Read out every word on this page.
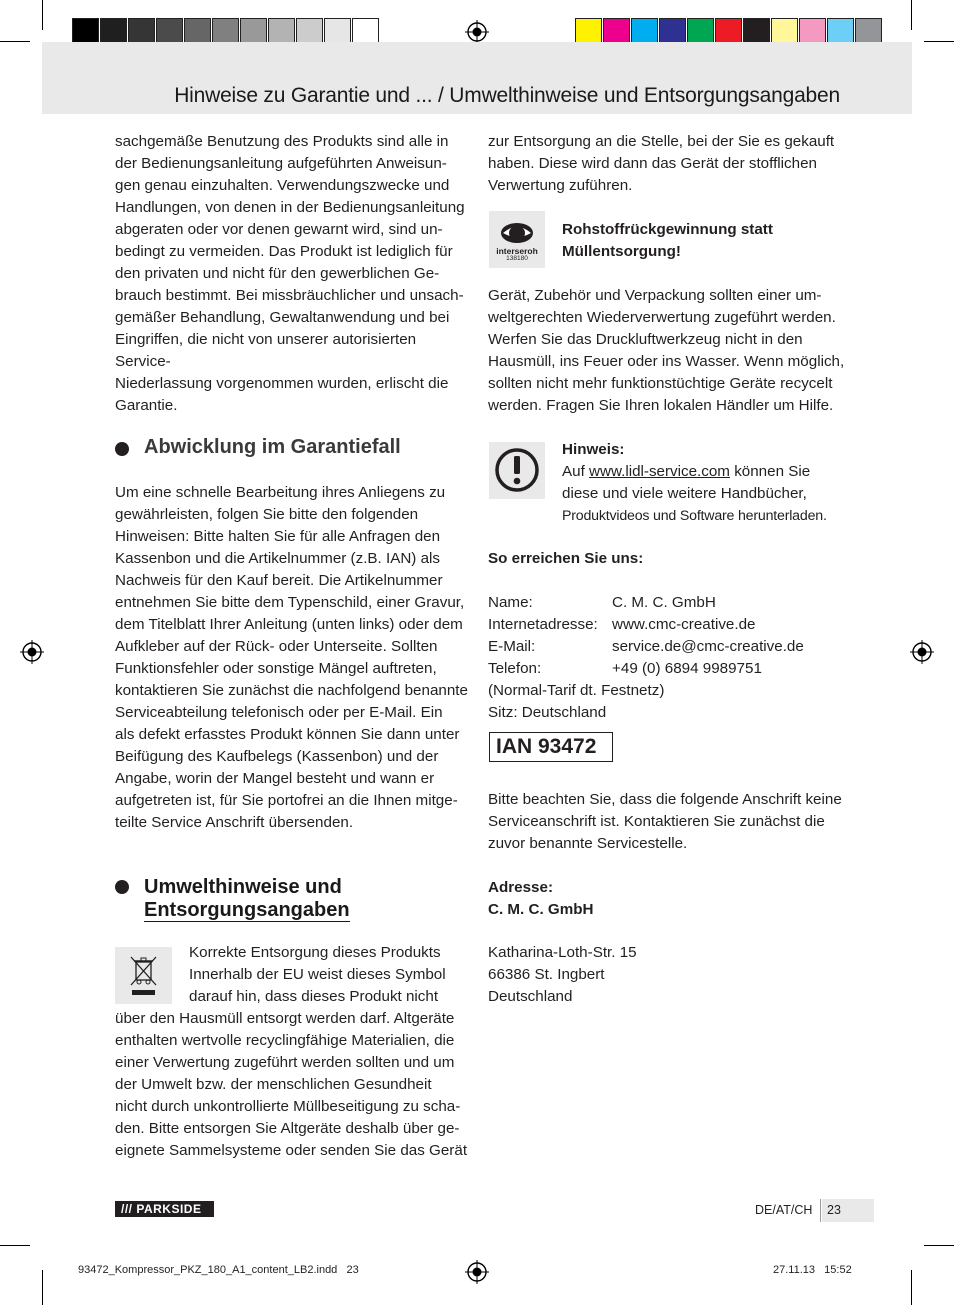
Hinweise zu Garantie und ... / Umwelthinweise und Entsorgungsangaben
sachgemäße Benutzung des Produkts sind alle in
der Bedienungsanleitung aufgeführten Anweisun-
gen genau einzuhalten. Verwendungszwecke und
Handlungen, von denen in der Bedienungsanleitung
abgeraten oder vor denen gewarnt wird, sind un-
bedingt zu vermeiden. Das Produkt ist lediglich für
den privaten und nicht für den gewerblichen Ge-
brauch bestimmt. Bei missbräuchlicher und unsach-
gemäßer Behandlung, Gewaltanwendung und bei
Eingriffen, die nicht von unserer autorisierten Service-
Niederlassung vorgenommen wurden, erlischt die
Garantie.
Abwicklung im Garantiefall
Um eine schnelle Bearbeitung ihres Anliegens zu
gewährleisten, folgen Sie bitte den folgenden
Hinweisen: Bitte halten Sie für alle Anfragen den
Kassenbon und die Artikelnummer (z.B. IAN) als
Nachweis für den Kauf bereit. Die Artikelnummer
entnehmen Sie bitte dem Typenschild, einer Gravur,
dem Titelblatt Ihrer Anleitung (unten links) oder dem
Aufkleber auf der Rück- oder Unterseite. Sollten
Funktionsfehler oder sonstige Mängel auftreten,
kontaktieren Sie zunächst die nachfolgend benannte
Serviceabteilung telefonisch oder per E-Mail. Ein
als defekt erfasstes Produkt können Sie dann unter
Beifügung des Kaufbelegs (Kassenbon) und der
Angabe, worin der Mangel besteht und wann er
aufgetreten ist, für Sie portofrei an die Ihnen mitge-
teilte Service Anschrift übersenden.
Umwelthinweise und
Entsorgungsangaben
Korrekte Entsorgung dieses Produkts
Innerhalb der EU weist dieses Symbol
darauf hin, dass dieses Produkt nicht
über den Hausmüll entsorgt werden darf. Altgeräte
enthalten wertvolle recyclingfähige Materialien, die
einer Verwertung zugeführt werden sollten und um
der Umwelt bzw. der menschlichen Gesundheit
nicht durch unkontrollierte Müllbeseitigung zu scha-
den. Bitte entsorgen Sie Altgeräte deshalb über ge-
eignete Sammelsysteme oder senden Sie das Gerät
zur Entsorgung an die Stelle, bei der Sie es gekauft
haben. Diese wird dann das Gerät der stofflichen
Verwertung zuführen.
interseroh
138180
Rohstoffrückgewinnung statt
Müllentsorgung!
Gerät, Zubehör und Verpackung sollten einer um-
weltgerechten Wiederverwertung zugeführt werden.
Werfen Sie das Druckluftwerkzeug nicht in den
Hausmüll, ins Feuer oder ins Wasser. Wenn möglich,
sollten nicht mehr funktionstüchtige Geräte recycelt
werden. Fragen Sie Ihren lokalen Händler um Hilfe.
Hinweis:
Auf www.lidl-service.com können Sie
diese und viele weitere Handbücher,
Produktvideos und Software herunterladen.
So erreichen Sie uns:
Name:	C. M. C. GmbH
Internetadresse: www.cmc-creative.de
E-Mail:	service.de@cmc-creative.de
Telefon:	+49 (0) 6894 9989751
(Normal-Tarif dt. Festnetz)
Sitz: Deutschland
IAN 93472
Bitte beachten Sie, dass die folgende Anschrift keine
Serviceanschrift ist. Kontaktieren Sie zunächst die
zuvor benannte Servicestelle.
Adresse:
C. M. C. GmbH
Katharina-Loth-Str. 15
66386 St. Ingbert
Deutschland
/// PARKSIDE	DE/AT/CH 23
93472_Kompressor_PKZ_180_A1_content_LB2.indd   23	27.11.13   15:52
